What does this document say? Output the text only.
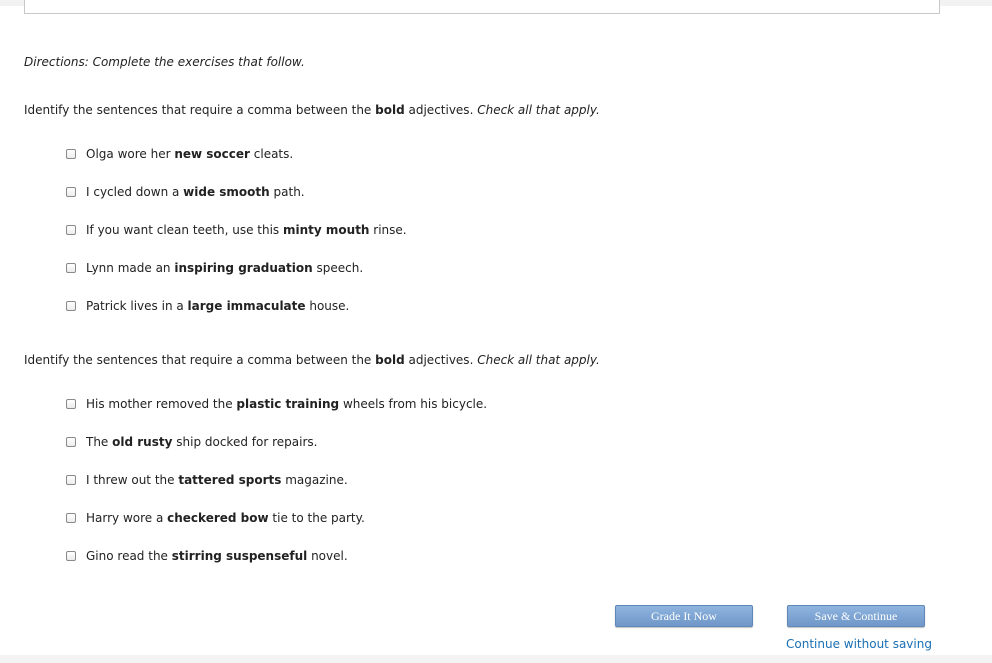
Directions: Complete the exercises that follow.
Identify the sentences that require a comma between the bold adjectives. Check all that apply.
Olga wore her new soccer cleats.
I cycled down a wide smooth path.
If you want clean teeth, use this minty mouth rinse.
Lynn made an inspiring graduation speech.
Patrick lives in a large immaculate house.
Identify the sentences that require a comma between the bold adjectives. Check all that apply.
His mother removed the plastic training wheels from his bicycle.
The old rusty ship docked for repairs.
I threw out the tattered sports magazine.
Harry wore a checkered bow tie to the party.
Gino read the stirring suspenseful novel.
Grade It Now	Save & Continue
Continue without saving
